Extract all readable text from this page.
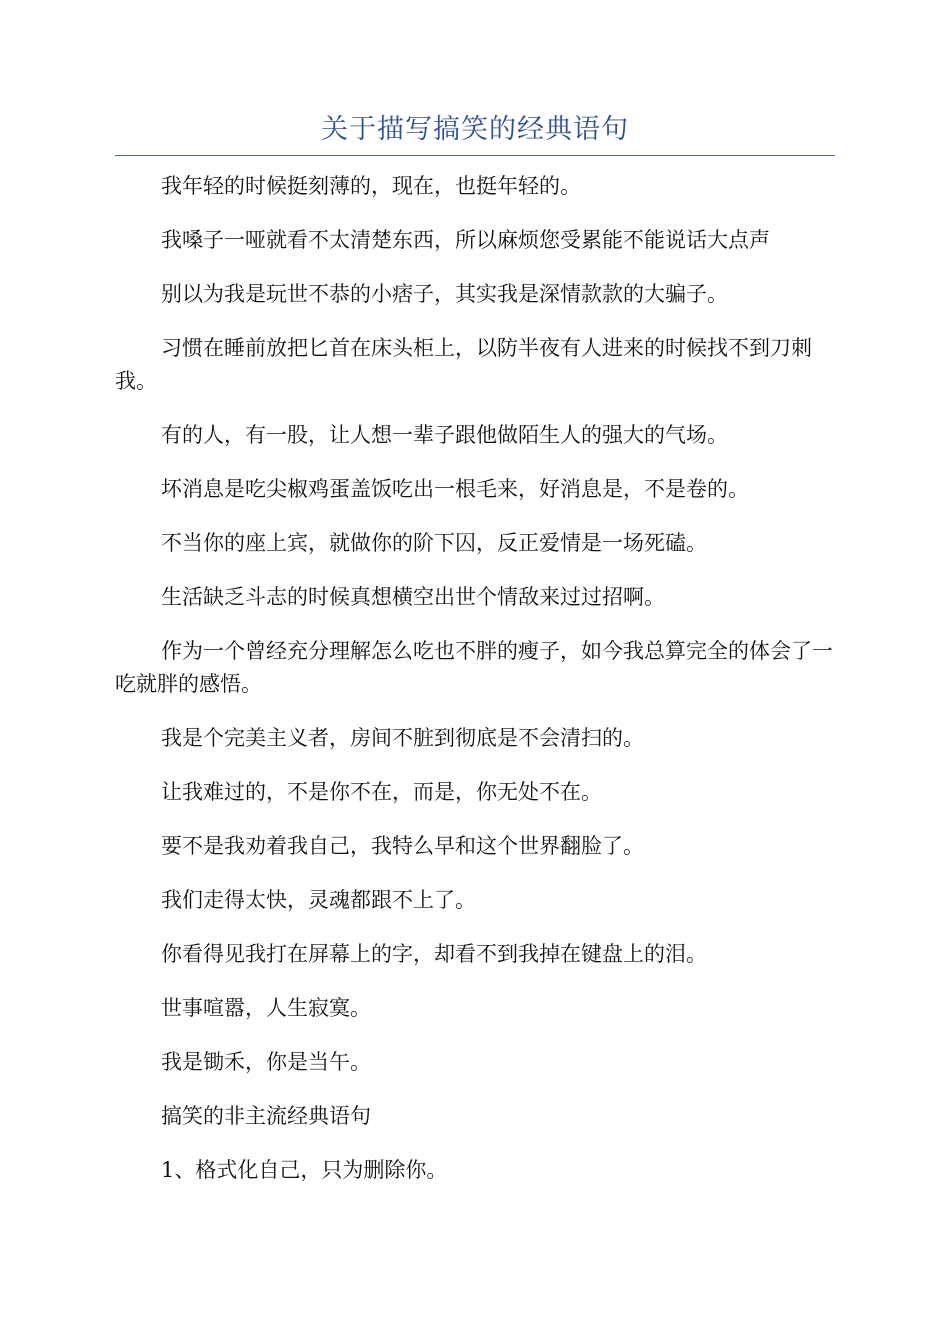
关于描写搞笑的经典语句

我年轻的时候挺刻薄的，现在，也挺年轻的。

我嗓子一哑就看不太清楚东西，所以麻烦您受累能不能说话大点声

别以为我是玩世不恭的小痞子，其实我是深情款款的大骗子。

习惯在睡前放把匕首在床头柜上，以防半夜有人进来的时候找不到刀刺我。

有的人，有一股，让人想一辈子跟他做陌生人的强大的气场。

坏消息是吃尖椒鸡蛋盖饭吃出一根毛来，好消息是，不是卷的。

不当你的座上宾，就做你的阶下囚，反正爱情是一场死磕。

生活缺乏斗志的时候真想横空出世个情敌来过过招啊。

作为一个曾经充分理解怎么吃也不胖的瘦子，如今我总算完全的体会了一吃就胖的感悟。

我是个完美主义者，房间不脏到彻底是不会清扫的。

让我难过的，不是你不在，而是，你无处不在。

要不是我劝着我自己，我特么早和这个世界翻脸了。

我们走得太快，灵魂都跟不上了。

你看得见我打在屏幕上的字，却看不到我掉在键盘上的泪。

世事喧嚣，人生寂寞。

我是锄禾，你是当午。

搞笑的非主流经典语句

1、格式化自己，只为删除你。
